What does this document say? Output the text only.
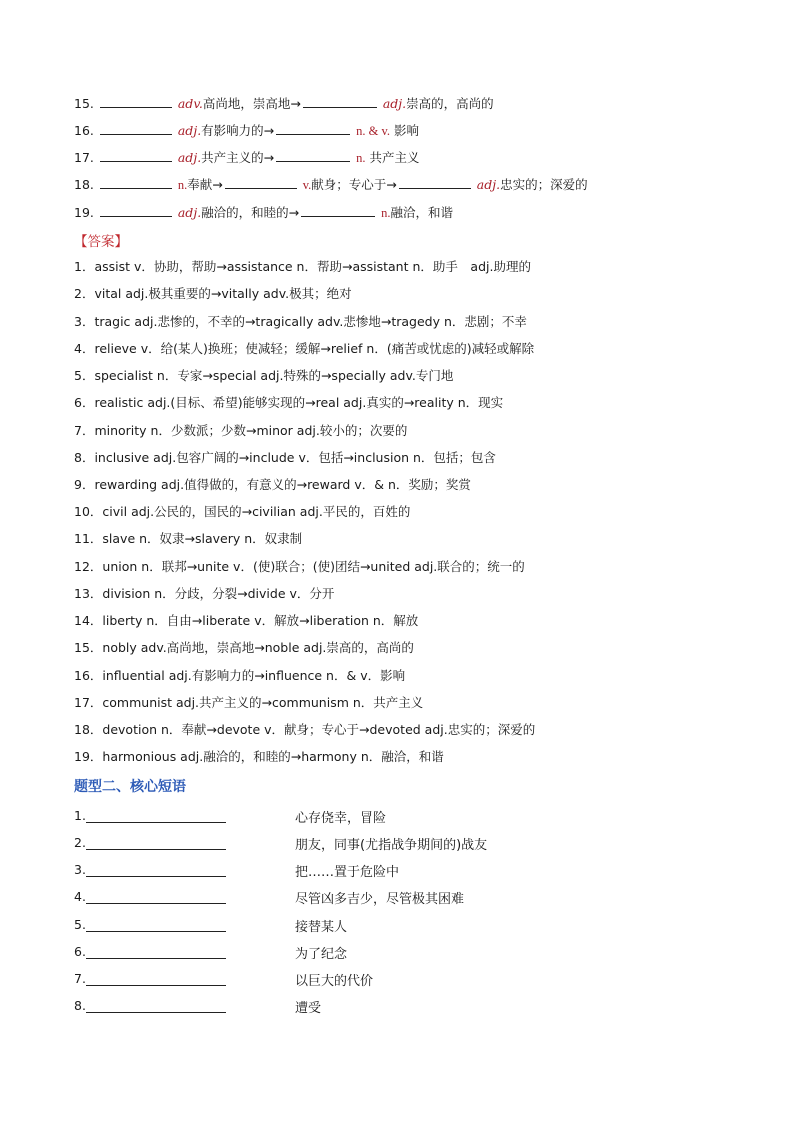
15.	adv.高尚地，崇高地→	adj.崇高的，高尚的
16.	adj.有影响力的→	n. & v. 影响
17.	adj.共产主义的→	n. 共产主义
18.	n.奉献→	v.献身；专心于→	adj.忠实的；深爱的
19.	adj.融洽的，和睦的→	n.融洽，和谐
【答案】
1．assist v．协助，帮助→assistance n．帮助→assistant n．助手　adj.助理的
2．vital adj.极其重要的→vitally adv.极其；绝对
3．tragic adj.悲惨的，不幸的→tragically adv.悲惨地→tragedy n．悲剧；不幸
4．relieve v．给(某人)换班；使减轻；缓解→relief n．(痛苦或忧虑的)减轻或解除
5．specialist n．专家→special adj.特殊的→specially adv.专门地
6．realistic adj.(目标、希望)能够实现的→real adj.真实的→reality n．现实
7．minority n．少数派；少数→minor adj.较小的；次要的
8．inclusive adj.包容广阔的→include v．包括→inclusion n．包括；包含
9．rewarding adj.值得做的，有意义的→reward v．& n．奖励；奖赏
10．civil adj.公民的，国民的→civilian adj.平民的，百姓的
11．slave n．奴隶→slavery n．奴隶制
12．union n．联邦→unite v．(使)联合；(使)团结→united adj.联合的；统一的
13．division n．分歧，分裂→divide v．分开
14．liberty n．自由→liberate v．解放→liberation n．解放
15．nobly adv.高尚地，崇高地→noble adj.崇高的，高尚的
16．influential adj.有影响力的→influence n．& v．影响
17．communist adj.共产主义的→communism n．共产主义
18．devotion n．奉献→devote v．献身；专心于→devoted adj.忠实的；深爱的
19．harmonious adj.融洽的，和睦的→harmony n．融洽，和谐
题型二、核心短语
1.	心存侥幸，冒险
2.	朋友，同事(尤指战争期间的)战友
3.	把……置于危险中
4.	尽管凶多吉少，尽管极其困难
5.	接替某人
6.	为了纪念
7.	以巨大的代价
8.	遭受
